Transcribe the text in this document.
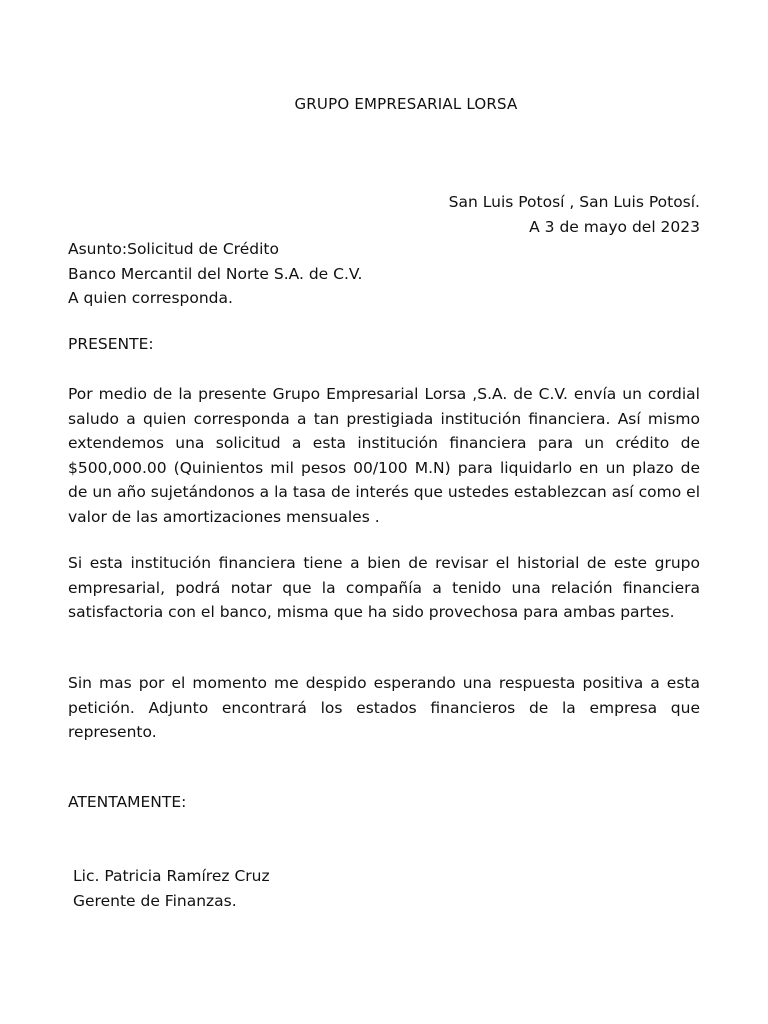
GRUPO EMPRESARIAL LORSA
San Luis Potosí , San Luis Potosí.
A 3 de mayo del 2023
Asunto:Solicitud de Crédito
Banco Mercantil del Norte S.A. de C.V.
A quien corresponda.
PRESENTE:

Por medio de la presente Grupo Empresarial Lorsa ,S.A. de C.V. envía un cordial saludo a quien corresponda a tan prestigiada institución financiera. Así mismo extendemos una solicitud a esta institución financiera para un crédito de $500,000.00 (Quinientos mil pesos 00/100 M.N) para liquidarlo en un plazo de de un año sujetándonos a la tasa de interés que ustedes establezcan así como el valor de las amortizaciones mensuales .

Si esta institución financiera tiene a bien de revisar el historial de este grupo empresarial, podrá notar que la compañía a tenido una relación financiera satisfactoria con el banco, misma que ha sido provechosa para ambas partes.

Sin mas por el momento me despido esperando una respuesta positiva a esta petición. Adjunto encontrará los estados financieros de la empresa que represento.

ATENTAMENTE:
Lic. Patricia Ramírez Cruz
Gerente de Finanzas.
